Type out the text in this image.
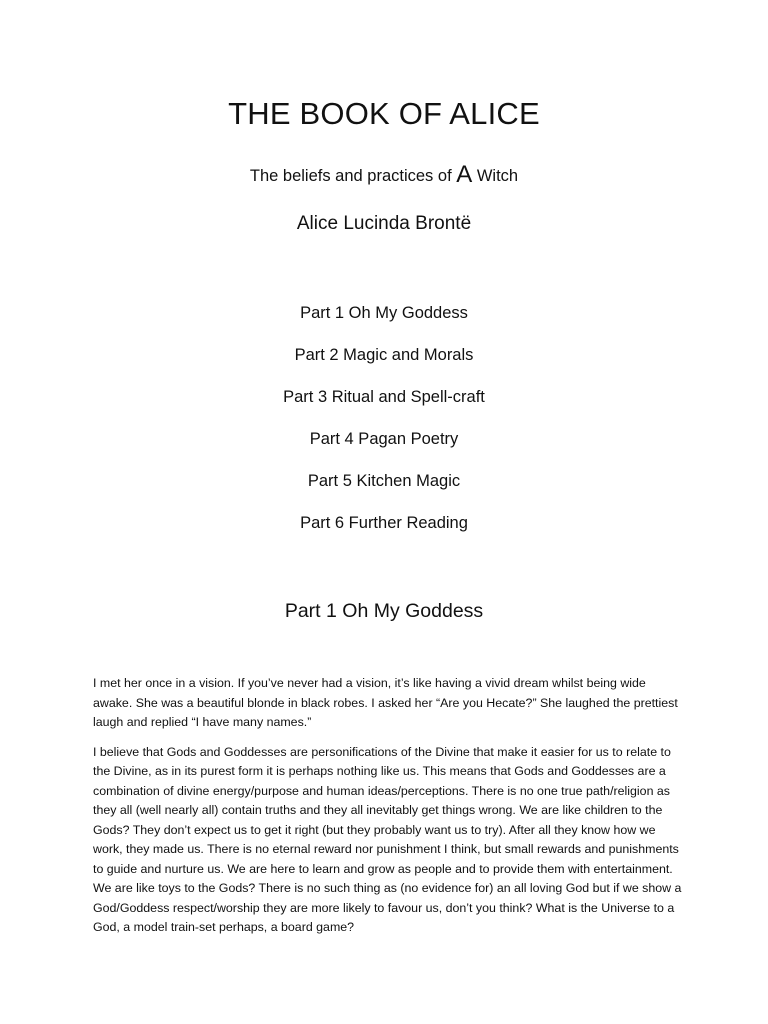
THE BOOK OF ALICE
The beliefs and practices of A Witch
Alice Lucinda Brontë
Part 1 Oh My Goddess
Part 2 Magic and Morals
Part 3 Ritual and Spell-craft
Part 4 Pagan Poetry
Part 5 Kitchen Magic
Part 6 Further Reading
Part 1 Oh My Goddess

I met her once in a vision. If you’ve never had a vision, it’s like having a vivid dream whilst being wide awake. She was a beautiful blonde in black robes. I asked her “Are you Hecate?” She laughed the prettiest laugh and replied “I have many names.”

I believe that Gods and Goddesses are personifications of the Divine that make it easier for us to relate to the Divine, as in its purest form it is perhaps nothing like us. This means that Gods and Goddesses are a combination of divine energy/purpose and human ideas/perceptions. There is no one true path/religion as they all (well nearly all) contain truths and they all inevitably get things wrong. We are like children to the Gods? They don’t expect us to get it right (but they probably want us to try). After all they know how we work, they made us. There is no eternal reward nor punishment I think, but small rewards and punishments to guide and nurture us. We are here to learn and grow as people and to provide them with entertainment. We are like toys to the Gods? There is no such thing as (no evidence for) an all loving God but if we show a God/Goddess respect/worship they are more likely to favour us, don’t you think? What is the Universe to a God, a model train-set perhaps, a board game?
